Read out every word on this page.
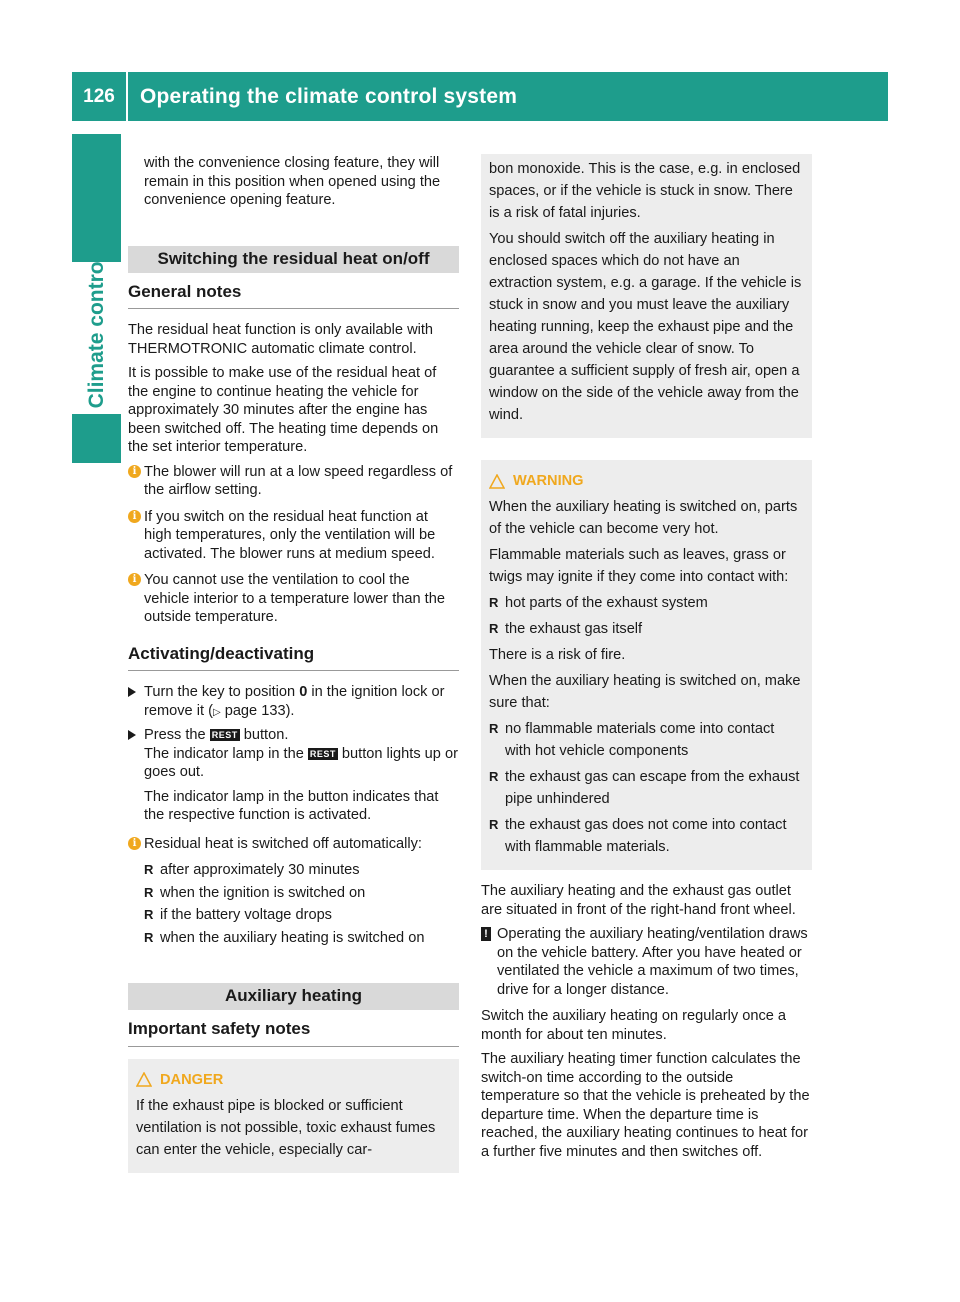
126	Operating the climate control system
Climate control

with the convenience closing feature, they will remain in this position when opened using the convenience opening feature.

Switching the residual heat on/off
General notes

The residual heat function is only available with THERMOTRONIC automatic climate control.

It is possible to make use of the residual heat of the engine to continue heating the vehicle for approximately 30 minutes after the engine has been switched off. The heating time depends on the set interior temperature.

i The blower will run at a low speed regardless of the airflow setting.
i If you switch on the residual heat function at high temperatures, only the ventilation will be activated. The blower runs at medium speed.
i You cannot use the ventilation to cool the vehicle interior to a temperature lower than the outside temperature.
Activating/deactivating
Turn the key to position 0 in the ignition lock or remove it (▷ page 133).
Press the REST button.
The indicator lamp in the REST button lights up or goes out.
The indicator lamp in the button indicates that the respective function is activated.
i Residual heat is switched off automatically:
R after approximately 30 minutes
R when the ignition is switched on
R if the battery voltage drops
R when the auxiliary heating is switched on
Auxiliary heating
Important safety notes
DANGER

If the exhaust pipe is blocked or sufficient ventilation is not possible, toxic exhaust fumes can enter the vehicle, especially car-

bon monoxide. This is the case, e.g. in enclosed spaces, or if the vehicle is stuck in snow. There is a risk of fatal injuries.

You should switch off the auxiliary heating in enclosed spaces which do not have an extraction system, e.g. a garage. If the vehicle is stuck in snow and you must leave the auxiliary heating running, keep the exhaust pipe and the area around the vehicle clear of snow. To guarantee a sufficient supply of fresh air, open a window on the side of the vehicle away from the wind.

WARNING

When the auxiliary heating is switched on, parts of the vehicle can become very hot.

Flammable materials such as leaves, grass or twigs may ignite if they come into contact with:

R hot parts of the exhaust system
R the exhaust gas itself

There is a risk of fire.

When the auxiliary heating is switched on, make sure that:

R no flammable materials come into contact with hot vehicle components
R the exhaust gas can escape from the exhaust pipe unhindered
R the exhaust gas does not come into contact with flammable materials.

The auxiliary heating and the exhaust gas outlet are situated in front of the right-hand front wheel.

! Operating the auxiliary heating/ventilation draws on the vehicle battery. After you have heated or ventilated the vehicle a maximum of two times, drive for a longer distance.

Switch the auxiliary heating on regularly once a month for about ten minutes.

The auxiliary heating timer function calculates the switch-on time according to the outside temperature so that the vehicle is preheated by the departure time. When the departure time is reached, the auxiliary heating continues to heat for a further five minutes and then switches off.
